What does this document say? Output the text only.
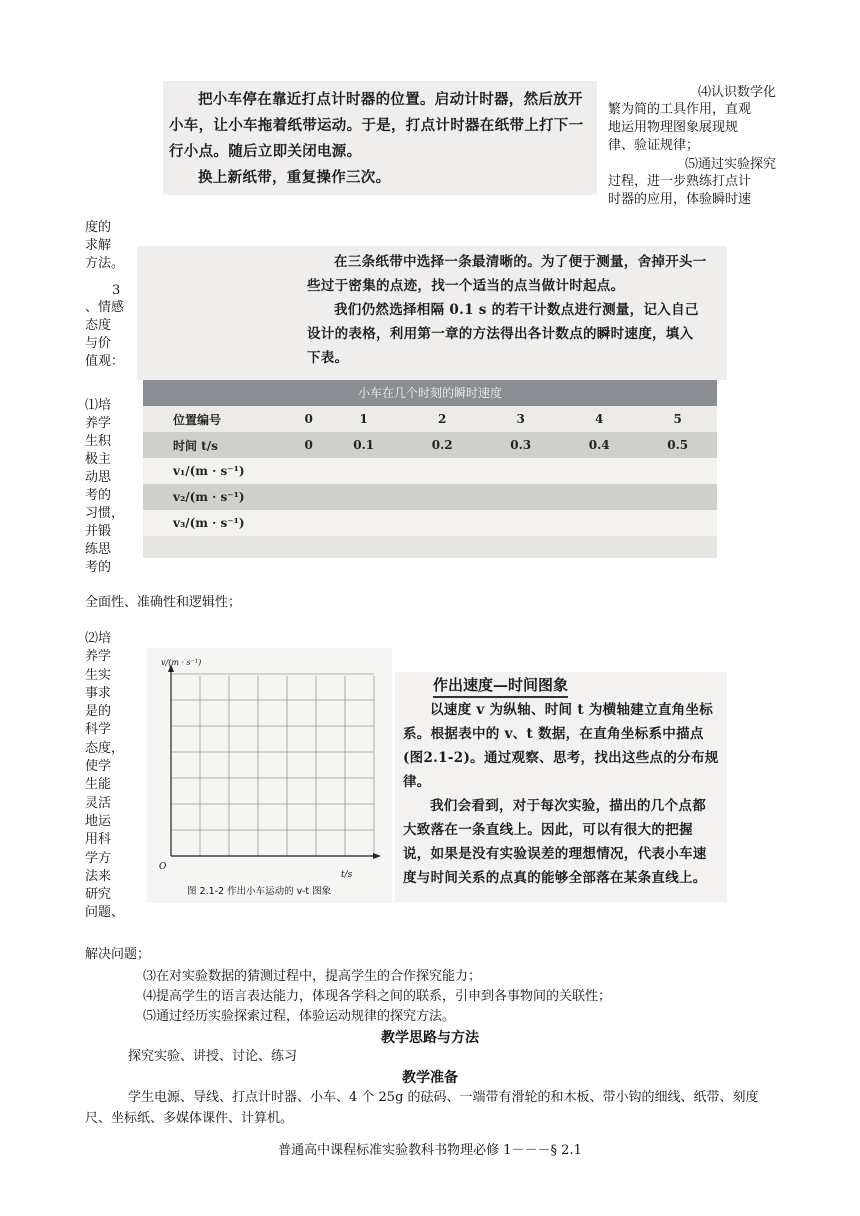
把小车停在靠近打点计时器的位置。启动计时器，然后放开小车，让小车拖着纸带运动。于是，打点计时器在纸带上打下一行小点。随后立即关闭电源。

换上新纸带，重复操作三次。

⑷认识数学化
繁为简的工具作用，直观
地运用物理图象展现规
律、验证规律；
⑸通过实验探究
过程，进一步熟练打点计
时器的应用，体验瞬时速
度的
求解
方法。
3
、情感
态度
与价
值观：
⑴培
养学
生积
极主
动思
考的
习惯，
并锻
练思
考的
全面性、准确性和逻辑性；
⑵培
养学
生实
事求
是的
科学
态度，
使学
生能
灵活
地运
用科
学方
法来
研究
问题、
解决问题；

在三条纸带中选择一条最清晰的。为了便于测量，舍掉开头一些过于密集的点迹，找一个适当的点当做计时起点。

我们仍然选择相隔 0.1 s 的若干计数点进行测量，记入自己设计的表格，利用第一章的方法得出各计数点的瞬时速度，填入下表。

小车在几个时刻的瞬时速度
位置编号	0	1	2	3	4	5
时间 t/s	0	0.1	0.2	0.3	0.4	0.5
v₁/(m · s⁻¹)						
v₂/(m · s⁻¹)						
v₃/(m · s⁻¹)						
v/(m · s⁻¹)
t/s
O
图 2.1-2 作出小车运动的 v-t 图象
作出速度—时间图象

以速度 v 为纵轴、时间 t 为横轴建立直角坐标系。根据表中的 v、t 数据，在直角坐标系中描点(图2.1-2)。通过观察、思考，找出这些点的分布规律。

我们会看到，对于每次实验，描出的几个点都大致落在一条直线上。因此，可以有很大的把握说，如果是没有实验误差的理想情况，代表小车速度与时间关系的点真的能够全部落在某条直线上。

⑶在对实验数据的猜测过程中，提高学生的合作探究能力；
⑷提高学生的语言表达能力，体现各学科之间的联系，引申到各事物间的关联性；
⑸通过经历实验探索过程，体验运动规律的探究方法。
教学思路与方法
探究实验、讲授、讨论、练习
教学准备
学生电源、导线、打点计时器、小车、4 个 25g 的砝码、一端带有滑轮的和木板、带小钩的细线、纸带、刻度尺、坐标纸、多媒体课件、计算机。
普通高中课程标准实验教科书物理必修 1－－－§ 2.1
